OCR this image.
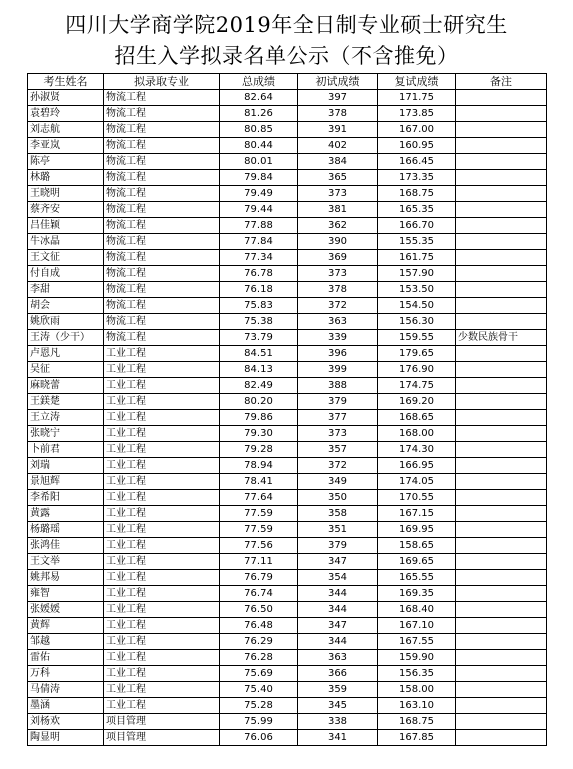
四川大学商学院2019年全日制专业硕士研究生
招生入学拟录名单公示（不含推免）
考生姓名	拟录取专业	总成绩	初试成绩	复试成绩	备注
孙淑贤	物流工程	82.64	397	171.75	
袁碧玲	物流工程	81.26	378	173.85	
刘志航	物流工程	80.85	391	167.00	
李亚岚	物流工程	80.44	402	160.95	
陈亭	物流工程	80.01	384	166.45	
林璐	物流工程	79.84	365	173.35	
王晓明	物流工程	79.49	373	168.75	
蔡齐安	物流工程	79.44	381	165.35	
吕佳颖	物流工程	77.88	362	166.70	
牛冰晶	物流工程	77.84	390	155.35	
王文征	物流工程	77.34	369	161.75	
付自成	物流工程	76.78	373	157.90	
李甜	物流工程	76.18	378	153.50	
胡会	物流工程	75.83	372	154.50	
姚欣雨	物流工程	75.38	363	156.30	
王涛（少干）	物流工程	73.79	339	159.55	少数民族骨干
卢恩凡	工业工程	84.51	396	179.65	
吴征	工业工程	84.13	399	176.90	
麻晓蕾	工业工程	82.49	388	174.75	
王鎂楚	工业工程	80.20	379	169.20	
王立涛	工业工程	79.86	377	168.65	
张晓宁	工业工程	79.30	373	168.00	
卜前君	工业工程	79.28	357	174.30	
刘瑞	工业工程	78.94	372	166.95	
景旭辉	工业工程	78.41	349	174.05	
李希阳	工业工程	77.64	350	170.55	
黄露	工业工程	77.59	358	167.15	
杨璐瑶	工业工程	77.59	351	169.95	
张鸿佳	工业工程	77.56	379	158.65	
王文举	工业工程	77.11	347	169.65	
姚邦易	工业工程	76.79	354	165.55	
雍智	工业工程	76.74	344	169.35	
张媛媛	工业工程	76.50	344	168.40	
黄辉	工业工程	76.48	347	167.10	
邹越	工业工程	76.29	344	167.55	
雷佑	工业工程	76.28	363	159.90	
万科	工业工程	75.69	366	156.35	
马倩涛	工业工程	75.40	359	158.00	
墨涵	工业工程	75.28	345	163.10	
刘杨欢	项目管理	75.99	338	168.75	
陶显明	项目管理	76.06	341	167.85	
